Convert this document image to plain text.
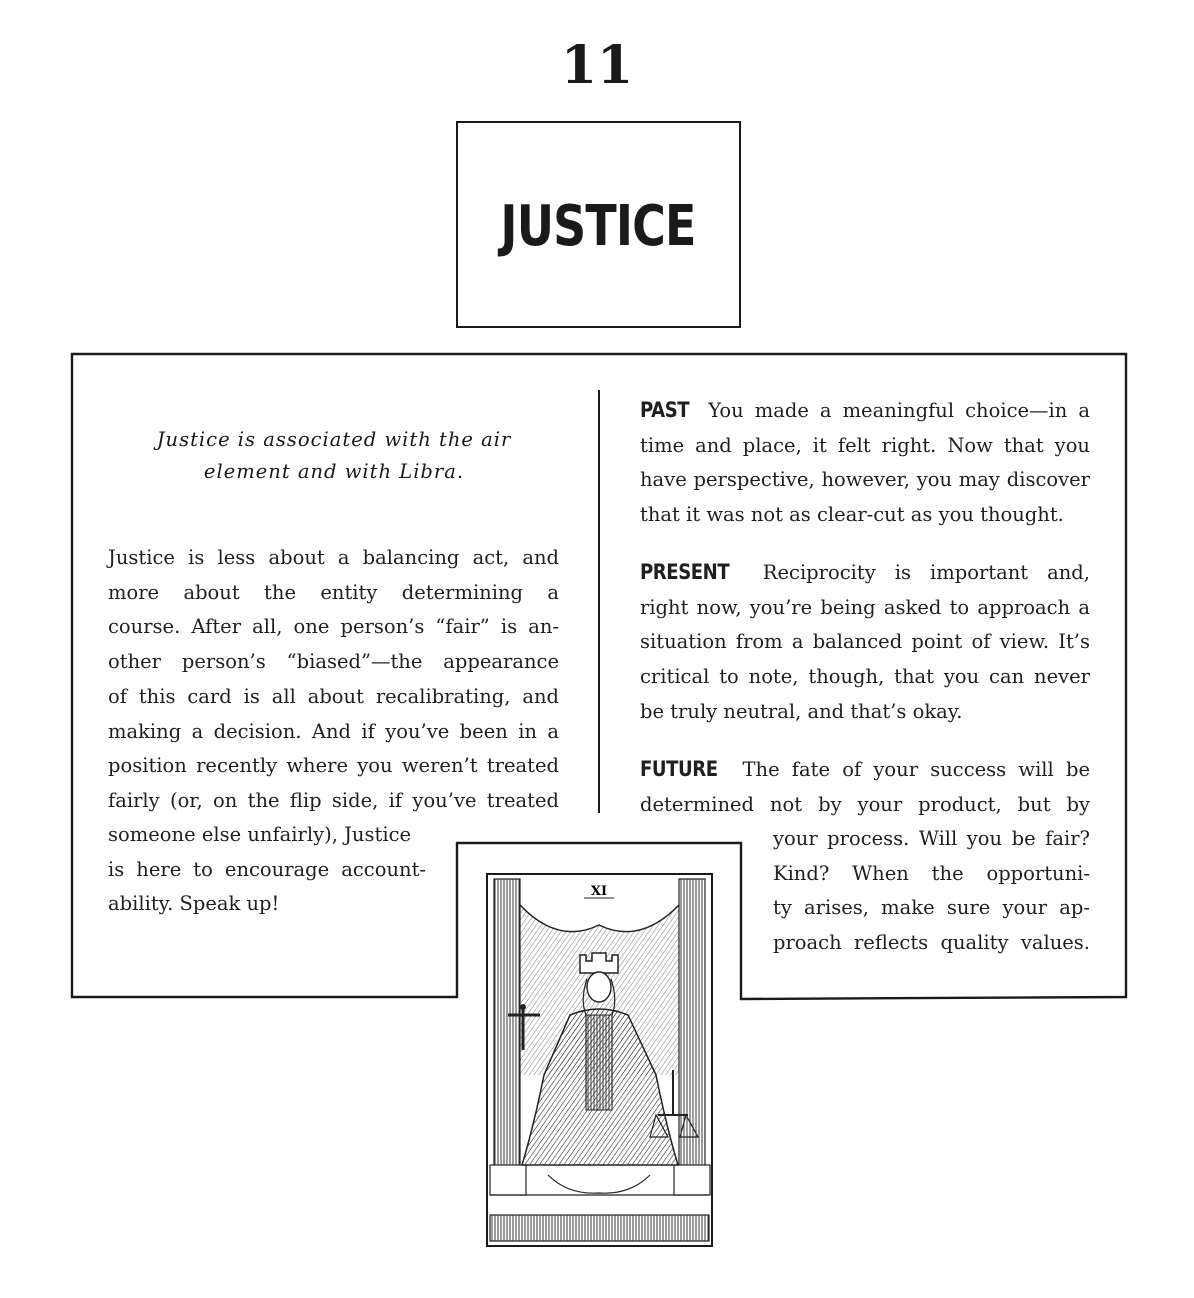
11
JUSTICE
Justice is associated with the air
element and with Libra.
Justice is less about a balancing act, and
more about the entity determining a
course. After all, one person’s “fair” is an-
other person’s “biased”—the appearance
of this card is all about recalibrating, and
making a decision. And if you’ve been in a
position recently where you weren’t treated
fairly (or, on the flip side, if you’ve treated
someone else unfairly), Justice
is here to encourage account-
ability. Speak up!
PAST You made a meaningful choice—in a
time and place, it felt right. Now that you
have perspective, however, you may discover
that it was not as clear-cut as you thought.
PRESENT Reciprocity is important and,
right now, you’re being asked to approach a
situation from a balanced point of view. It’s
critical to note, though, that you can never
be truly neutral, and that’s okay.
FUTURE The fate of your success will be
determined not by your product, but by
your process. Will you be fair?
Kind? When the opportuni-
ty arises, make sure your ap-
proach reflects quality values.
XI
